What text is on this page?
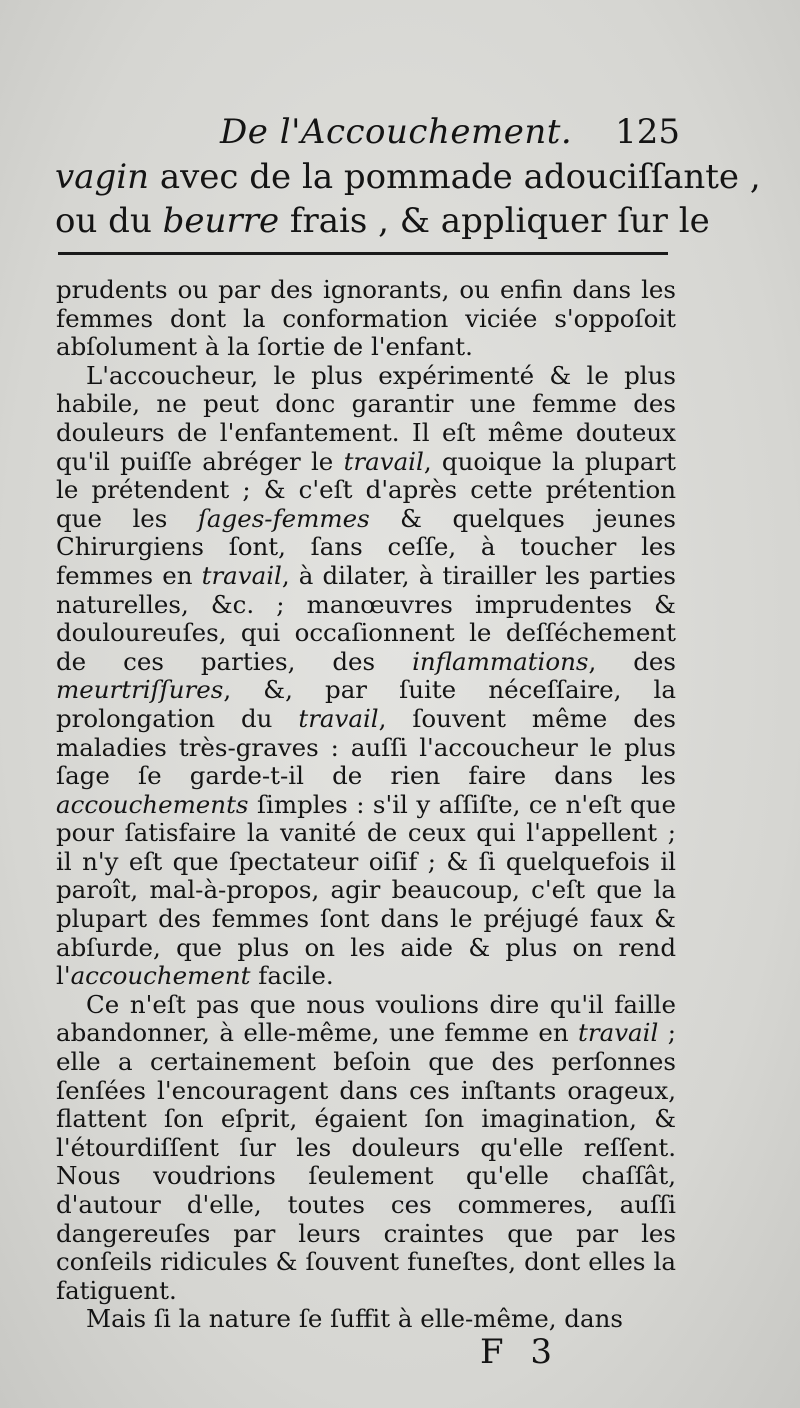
De l'Accouchement. 125
vagin avec de la pommade adouciſſante ,
ou du beurre frais , & appliquer ſur le

prudents ou par des ignorants, ou enfin dans les femmes dont la conformation viciée s'oppoſoit abſolument à la ſortie de l'enfant.

L'accoucheur, le plus expérimenté & le plus habile, ne peut donc garantir une femme des douleurs de l'enfantement. Il eſt même douteux qu'il puiſſe abréger le travail, quoique la plupart le prétendent ; & c'eſt d'après cette prétention que les ſages-femmes & quelques jeunes Chirurgiens ſont, ſans ceſſe, à toucher les femmes en travail, à dilater, à tirailler les parties naturelles, &c. ; manœuvres imprudentes & douloureuſes, qui occaſionnent le deſſéchement de ces parties, des inflammations, des meurtriſſures, &, par ſuite néceſſaire, la prolongation du travail, ſouvent même des maladies très-graves : auſſi l'accoucheur le plus ſage ſe garde-t-il de rien faire dans les accouchements ſimples : s'il y aſſiſte, ce n'eſt que pour ſatisfaire la vanité de ceux qui l'appellent ; il n'y eſt que ſpectateur oiſif ; & ſi quelquefois il paroît, mal-à-propos, agir beaucoup, c'eſt que la plupart des femmes ſont dans le préjugé faux & abſurde, que plus on les aide & plus on rend l'accouchement facile.

Ce n'eſt pas que nous voulions dire qu'il faille abandonner, à elle-même, une femme en travail ; elle a certainement beſoin que des perſonnes ſenſées l'encouragent dans ces inſtants orageux, flattent ſon eſprit, égaient ſon imagination, & l'étourdiſſent ſur les douleurs qu'elle reſſent. Nous voudrions ſeulement qu'elle chaſſât, d'autour d'elle, toutes ces commeres, auſſi dangereuſes par leurs craintes que par les conſeils ridicules & ſouvent funeſtes, dont elles la fatiguent.

Mais ſi la nature ſe ſuffit à elle-même, dans

F 3
